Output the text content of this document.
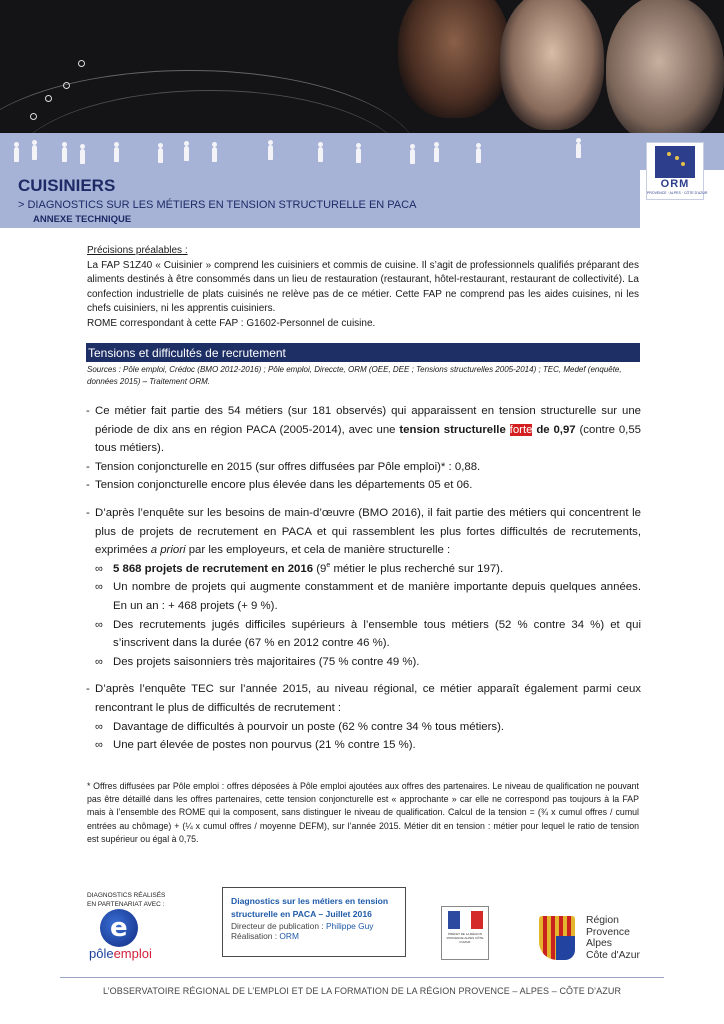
ORM
PROVENCE · ALPES · CÔTE D'AZUR
CUISINIERS
> DIAGNOSTICS SUR LES MÉTIERS EN TENSION STRUCTURELLE EN PACA
ANNEXE TECHNIQUE
Précisions préalables :
La FAP S1Z40 « Cuisinier » comprend les cuisiniers et commis de cuisine. Il s’agit de professionnels qualifiés préparant des aliments destinés à être consommés dans un lieu de restauration (restaurant, hôtel-restaurant, restaurant de collectivité). La confection industrielle de plats cuisinés ne relève pas de ce métier. Cette FAP ne comprend pas les aides cuisines, ni les chefs cuisiniers, ni les apprentis cuisiniers.
ROME correspondant à cette FAP : G1602-Personnel de cuisine.
Tensions et difficultés de recrutement
Sources : Pôle emploi, Crédoc (BMO 2012-2016) ; Pôle emploi, Direccte, ORM (OEE, DEE ; Tensions structurelles 2005-2014) ; TEC, Medef (enquête, données 2015) – Traitement ORM.
- Ce métier fait partie des 54 métiers (sur 181 observés) qui apparaissent en tension structurelle sur une période de dix ans en région PACA (2005-2014), avec une tension structurelle forte de 0,97 (contre 0,55 tous métiers).
- Tension conjoncturelle en 2015 (sur offres diffusées par Pôle emploi)* : 0,88.
- Tension conjoncturelle encore plus élevée dans les départements 05 et 06.
- D’après l’enquête sur les besoins de main-d’œuvre (BMO 2016), il fait partie des métiers qui concentrent le plus de projets de recrutement en PACA et qui rassemblent les plus fortes difficultés de recrutements, exprimées a priori par les employeurs, et cela de manière structurelle :
∞ 5 868 projets de recrutement en 2016 (9e métier le plus recherché sur 197).
∞ Un nombre de projets qui augmente constamment et de manière importante depuis quelques années. En un an : + 468 projets (+ 9 %).
∞ Des recrutements jugés difficiles supérieurs à l’ensemble tous métiers (52 % contre 34 %) et qui s’inscrivent dans la durée (67 % en 2012 contre 46 %).
∞ Des projets saisonniers très majoritaires (75 % contre 49 %).
- D’après l’enquête TEC sur l’année 2015, au niveau régional, ce métier apparaît également parmi ceux rencontrant le plus de difficultés de recrutement :
∞ Davantage de difficultés à pourvoir un poste (62 % contre 34 % tous métiers).
∞ Une part élevée de postes non pourvus (21 % contre 15 %).
* Offres diffusées par Pôle emploi : offres déposées à Pôle emploi ajoutées aux offres des partenaires. Le niveau de qualification ne pouvant pas être détaillé dans les offres partenaires, cette tension conjoncturelle est « approchante » car elle ne correspond pas toujours à la FAP mais à l’ensemble des ROME qui la composent, sans distinguer le niveau de qualification. Calcul de la tension = (¾ x cumul offres / cumul entrées au chômage) + (¼ x cumul offres / moyenne DEFM), sur l’année 2015. Métier dit en tension : métier pour lequel le ratio de tension est supérieur ou égal à 0,75.
DIAGNOSTICS RÉALISÉS
EN PARTENARIAT AVEC :
e
pôleemploi
Diagnostics sur les métiers en tension structurelle en PACA – Juillet 2016
Directeur de publication : Philippe Guy
Réalisation : ORM	PRÉFET DE LA RÉGION PROVENCE-ALPES CÔTE D'AZUR
Région
Provence
Alpes
Côte d'Azur
L’OBSERVATOIRE RÉGIONAL DE L’EMPLOI ET DE LA FORMATION DE LA RÉGION PROVENCE – ALPES – CÔTE D’AZUR
